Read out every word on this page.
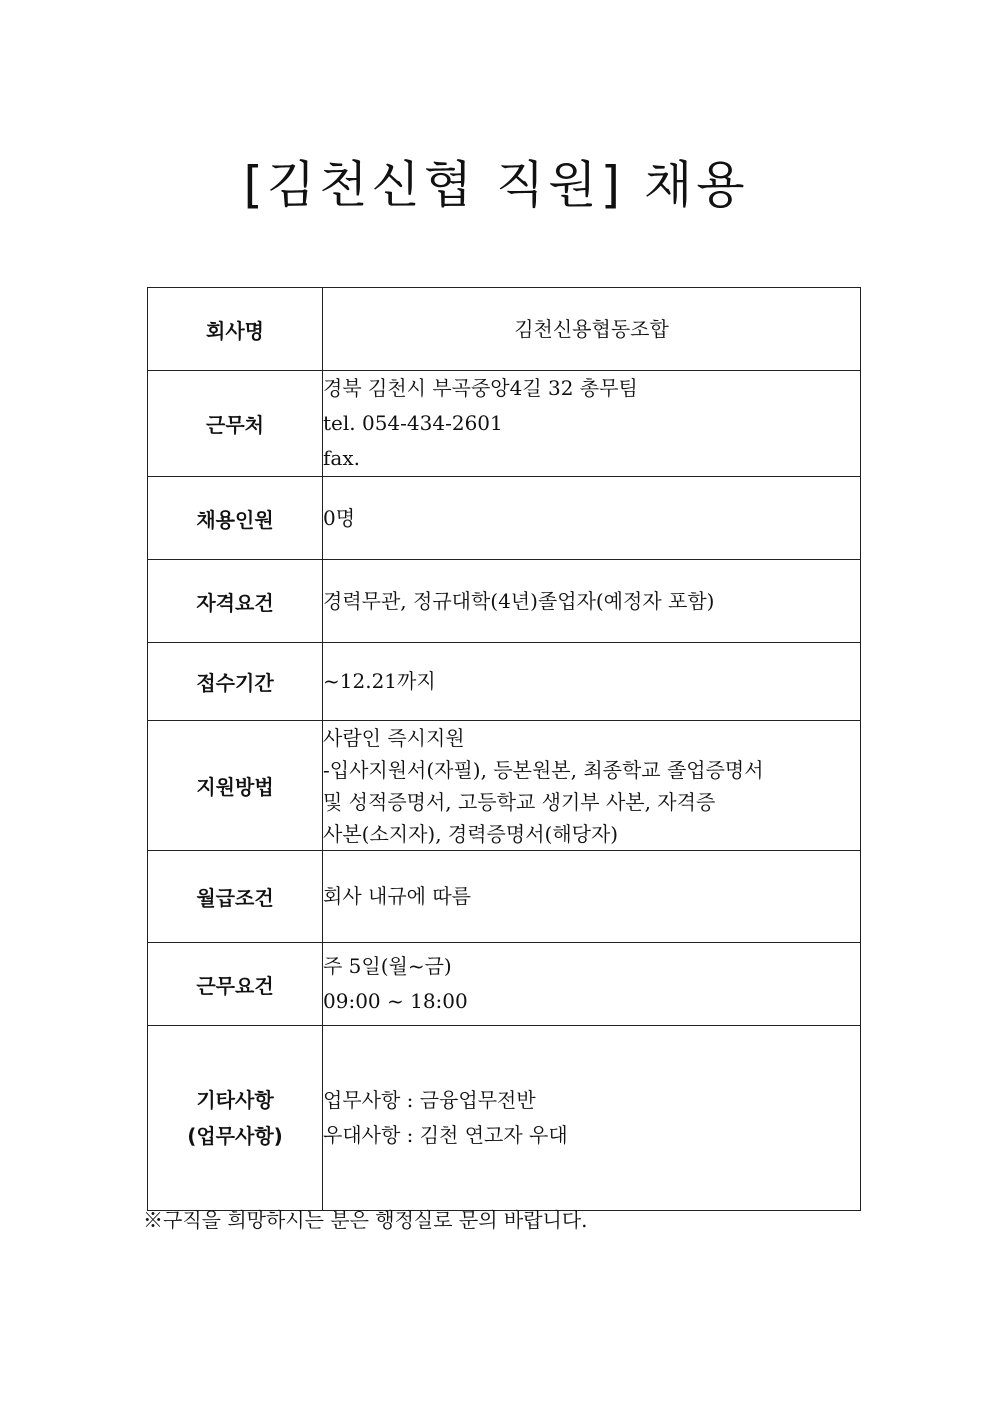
[김천신협 직원] 채용
회사명	김천신용협동조합

근무처	경북 김천시 부곡중앙4길 32 총무팀
tel. 054-434-2601
fax.

채용인원	0명

자격요건	경력무관, 정규대학(4년)졸업자(예정자 포함)

접수기간	~12.21까지

지원방법	사람인 즉시지원
-입사지원서(자필), 등본원본, 최종학교 졸업증명서
및 성적증명서, 고등학교 생기부 사본, 자격증
사본(소지자), 경력증명서(해당자)

월급조건	회사 내규에 따름

근무요건	주 5일(월~금)
09:00 ~ 18:00

기타사항
(업무사항)	업무사항 : 금융업무전반
우대사항 : 김천 연고자 우대
※구직을 희망하시는 분은 행정실로 문의 바랍니다.
